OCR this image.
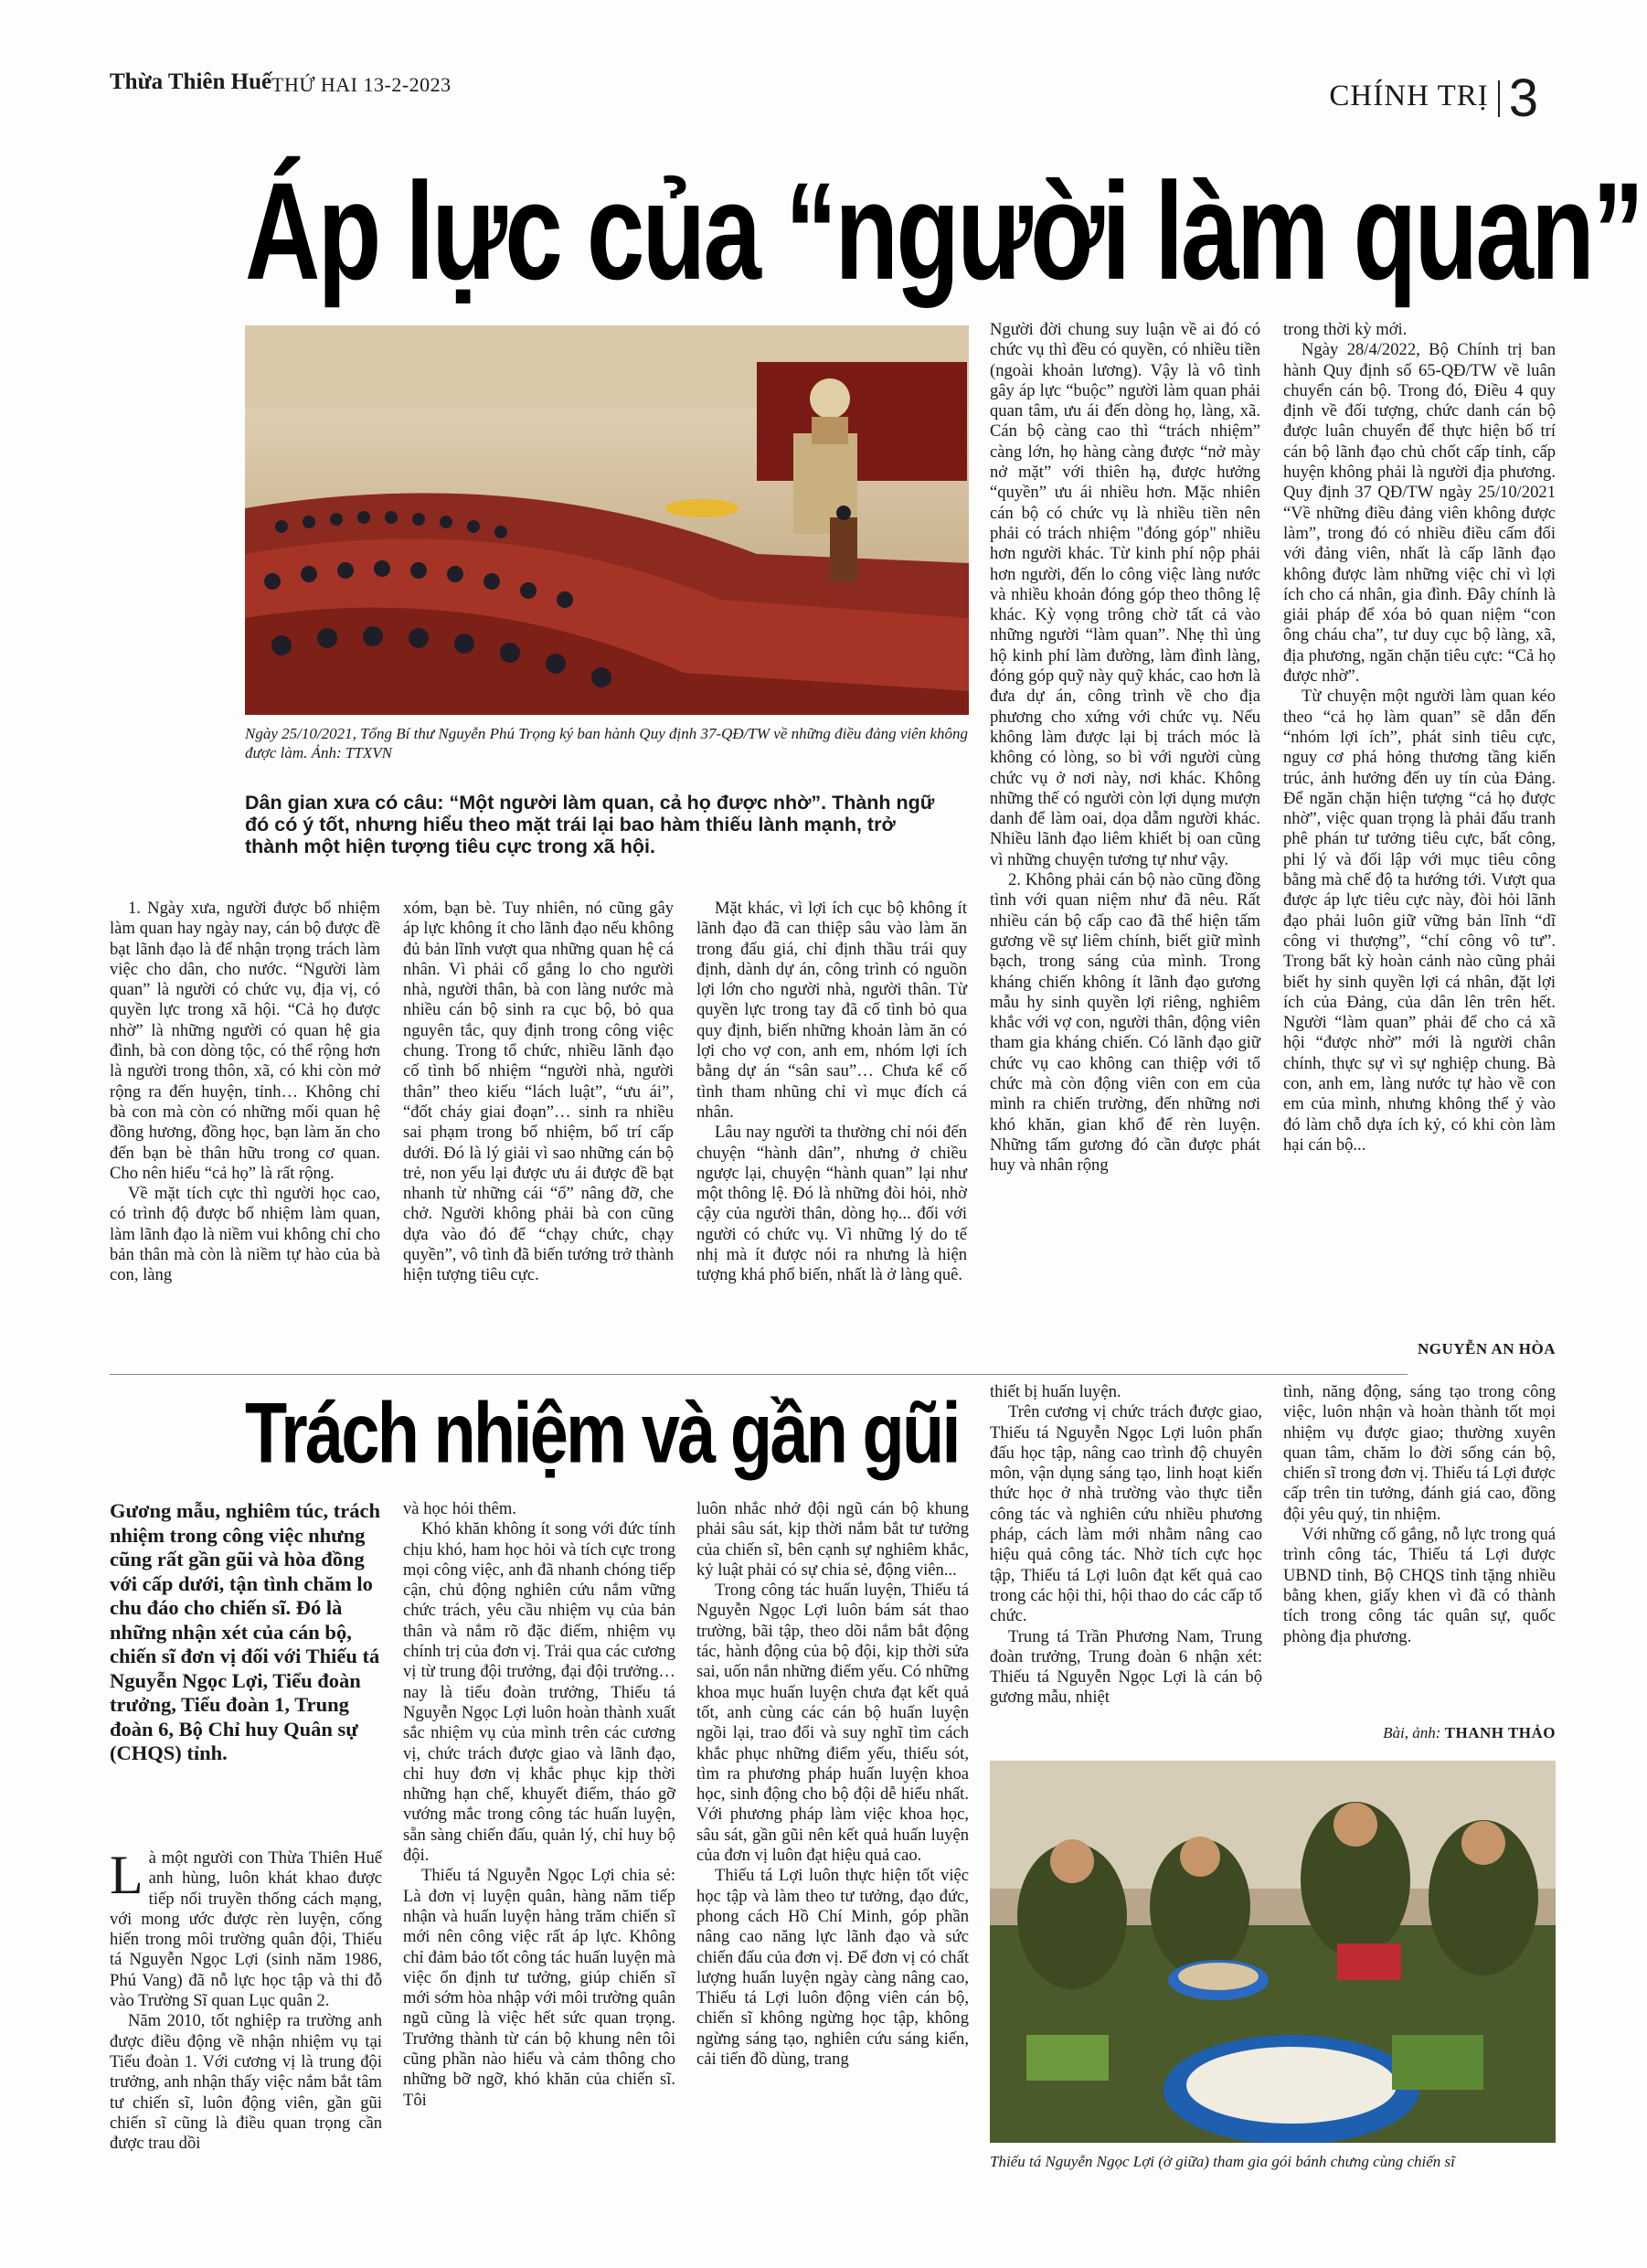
Thừa Thiên Huế THỨ HAI 13-2-2023	CHÍNH TRỊ 3
Áp lực của “người làm quan”
Ngày 25/10/2021, Tổng Bí thư Nguyễn Phú Trọng ký ban hành Quy định 37-QĐ/TW về những điều đảng viên không được làm. Ảnh: TTXVN
Dân gian xưa có câu: “Một người làm quan, cả họ được nhờ”. Thành ngữ đó có ý tốt, nhưng hiểu theo mặt trái lại bao hàm thiếu lành mạnh, trở thành một hiện tượng tiêu cực trong xã hội.

1. Ngày xưa, người được bổ nhiệm làm quan hay ngày nay, cán bộ được đề bạt lãnh đạo là để nhận trọng trách làm việc cho dân, cho nước. “Người làm quan” là người có chức vụ, địa vị, có quyền lực trong xã hội. “Cả họ được nhờ” là những người có quan hệ gia đình, bà con dòng tộc, có thể rộng hơn là người trong thôn, xã, có khi còn mở rộng ra đến huyện, tỉnh… Không chỉ bà con mà còn có những mối quan hệ đồng hương, đồng học, bạn làm ăn cho đến bạn bè thân hữu trong cơ quan. Cho nên hiểu “cả họ” là rất rộng.

Về mặt tích cực thì người học cao, có trình độ được bổ nhiệm làm quan, làm lãnh đạo là niềm vui không chỉ cho bản thân mà còn là niềm tự hào của bà con, làng

xóm, bạn bè. Tuy nhiên, nó cũng gây áp lực không ít cho lãnh đạo nếu không đủ bản lĩnh vượt qua những quan hệ cá nhân. Vì phải cố gắng lo cho người nhà, người thân, bà con làng nước mà nhiều cán bộ sinh ra cục bộ, bỏ qua nguyên tắc, quy định trong công việc chung. Trong tổ chức, nhiều lãnh đạo cố tình bố nhiệm “người nhà, người thân” theo kiểu “lách luật”, “ưu ái”, “đốt cháy giai đoạn”… sinh ra nhiều sai phạm trong bổ nhiệm, bổ trí cấp dưới. Đó là lý giải vì sao những cán bộ trẻ, non yếu lại được ưu ái được đề bạt nhanh từ những cái “ổ” nâng đỡ, che chở. Người không phải bà con cũng dựa vào đó để “chạy chức, chạy quyền”, vô tình đã biến tướng trở thành hiện tượng tiêu cực.

Mặt khác, vì lợi ích cục bộ không ít lãnh đạo đã can thiệp sâu vào làm ăn trong đấu giá, chỉ định thầu trái quy định, dành dự án, công trình có nguồn lợi lớn cho người nhà, người thân. Từ quyền lực trong tay đã cố tình bỏ qua quy định, biến những khoản làm ăn có lợi cho vợ con, anh em, nhóm lợi ích bằng dự án “sân sau”… Chưa kể cố tình tham nhũng chỉ vì mục đích cá nhân.

Lâu nay người ta thường chỉ nói đến chuyện “hành dân”, nhưng ở chiều ngược lại, chuyện “hành quan” lại như một thông lệ. Đó là những đòi hỏi, nhờ cậy của người thân, dòng họ... đối với người có chức vụ. Vì những lý do tế nhị mà ít được nói ra nhưng là hiện tượng khá phổ biến, nhất là ở làng quê.

Người đời chung suy luận về ai đó có chức vụ thì đều có quyền, có nhiều tiền (ngoài khoản lương). Vậy là vô tình gây áp lực “buộc” người làm quan phải quan tâm, ưu ái đến dòng họ, làng, xã. Cán bộ càng cao thì “trách nhiệm” càng lớn, họ hàng càng được “nở mày nở mặt” với thiên hạ, được hưởng “quyền” ưu ái nhiều hơn. Mặc nhiên cán bộ có chức vụ là nhiều tiền nên phải có trách nhiệm "đóng góp" nhiều hơn người khác. Từ kinh phí nộp phải hơn người, đến lo công việc làng nước và nhiều khoản đóng góp theo thông lệ khác. Kỳ vọng trông chờ tất cả vào những người “làm quan”. Nhẹ thì ủng hộ kinh phí làm đường, làm đình làng, đóng góp quỹ này quỹ khác, cao hơn là đưa dự án, công trình về cho địa phương cho xứng với chức vụ. Nếu không làm được lại bị trách móc là không có lòng, so bì với người cùng chức vụ ở nơi này, nơi khác. Không những thế có người còn lợi dụng mượn danh để làm oai, dọa dẫm người khác. Nhiều lãnh đạo liêm khiết bị oan cũng vì những chuyện tương tự như vậy.

2. Không phải cán bộ nào cũng đồng tình với quan niệm như đã nêu. Rất nhiều cán bộ cấp cao đã thể hiện tấm gương về sự liêm chính, biết giữ mình bạch, trong sáng của mình. Trong kháng chiến không ít lãnh đạo gương mẫu hy sinh quyền lợi riêng, nghiêm khắc với vợ con, người thân, động viên tham gia kháng chiến. Có lãnh đạo giữ chức vụ cao không can thiệp với tổ chức mà còn động viên con em của mình ra chiến trường, đến những nơi khó khăn, gian khổ để rèn luyện. Những tấm gương đó cần được phát huy và nhân rộng

trong thời kỳ mới.

Ngày 28/4/2022, Bộ Chính trị ban hành Quy định số 65-QĐ/TW về luân chuyển cán bộ. Trong đó, Điều 4 quy định về đối tượng, chức danh cán bộ được luân chuyển để thực hiện bố trí cán bộ lãnh đạo chủ chốt cấp tỉnh, cấp huyện không phải là người địa phương. Quy định 37 QĐ/TW ngày 25/10/2021 “Về những điều đảng viên không được làm”, trong đó có nhiều điều cấm đối với đảng viên, nhất là cấp lãnh đạo không được làm những việc chỉ vì lợi ích cho cá nhân, gia đình. Đây chính là giải pháp để xóa bỏ quan niệm “con ông cháu cha”, tư duy cục bộ làng, xã, địa phương, ngăn chặn tiêu cực: “Cả họ được nhờ”.

Từ chuyện một người làm quan kéo theo “cả họ làm quan” sẽ dẫn đến “nhóm lợi ích”, phát sinh tiêu cực, nguy cơ phá hỏng thương tầng kiến trúc, ảnh hưởng đến uy tín của Đảng. Để ngăn chặn hiện tượng “cả họ được nhờ”, việc quan trọng là phải đấu tranh phê phán tư tưởng tiêu cực, bất công, phi lý và đối lập với mục tiêu công bằng mà chế độ ta hướng tới. Vượt qua được áp lực tiêu cực này, đòi hỏi lãnh đạo phải luôn giữ vững bản lĩnh “dĩ công vi thượng”, “chí công vô tư”. Trong bất kỳ hoàn cảnh nào cũng phải biết hy sinh quyền lợi cá nhân, đặt lợi ích của Đảng, của dân lên trên hết. Người “làm quan” phải để cho cả xã hội “được nhờ” mới là người chân chính, thực sự vì sự nghiệp chung. Bà con, anh em, làng nước tự hào về con em của mình, nhưng không thể ỷ vào đó làm chỗ dựa ích kỷ, có khi còn làm hại cán bộ...

NGUYỄN AN HÒA
Trách nhiệm và gần gũi
Gương mẫu, nghiêm túc, trách nhiệm trong công việc nhưng cũng rất gần gũi và hòa đồng với cấp dưới, tận tình chăm lo chu đáo cho chiến sĩ. Đó là những nhận xét của cán bộ, chiến sĩ đơn vị đối với Thiếu tá Nguyễn Ngọc Lợi, Tiểu đoàn trưởng, Tiểu đoàn 1, Trung đoàn 6, Bộ Chỉ huy Quân sự (CHQS) tỉnh.

Là một người con Thừa Thiên Huế anh hùng, luôn khát khao được tiếp nối truyền thống cách mạng, với mong ước được rèn luyện, cống hiến trong môi trường quân đội, Thiếu tá Nguyễn Ngọc Lợi (sinh năm 1986, Phú Vang) đã nỗ lực học tập và thi đỗ vào Trường Sĩ quan Lục quân 2.

Năm 2010, tốt nghiệp ra trường anh được điều động về nhận nhiệm vụ tại Tiểu đoàn 1. Với cương vị là trung đội trưởng, anh nhận thấy việc nắm bắt tâm tư chiến sĩ, luôn động viên, gần gũi chiến sĩ cũng là điều quan trọng cần được trau dồi

và học hỏi thêm.

Khó khăn không ít song với đức tính chịu khó, ham học hỏi và tích cực trong mọi công việc, anh đã nhanh chóng tiếp cận, chủ động nghiên cứu nắm vững chức trách, yêu cầu nhiệm vụ của bản thân và nắm rõ đặc điểm, nhiệm vụ chính trị của đơn vị. Trải qua các cương vị từ trung đội trưởng, đại đội trưởng… nay là tiểu đoàn trưởng, Thiếu tá Nguyễn Ngọc Lợi luôn hoàn thành xuất sắc nhiệm vụ của mình trên các cương vị, chức trách được giao và lãnh đạo, chỉ huy đơn vị khắc phục kịp thời những hạn chế, khuyết điểm, tháo gỡ vướng mắc trong công tác huấn luyện, sẵn sàng chiến đấu, quản lý, chỉ huy bộ đội.

Thiếu tá Nguyễn Ngọc Lợi chia sẻ: Là đơn vị luyện quân, hàng năm tiếp nhận và huấn luyện hàng trăm chiến sĩ mới nên công việc rất áp lực. Không chỉ đảm bảo tốt công tác huấn luyện mà việc ổn định tư tưởng, giúp chiến sĩ mới sớm hòa nhập với môi trường quân ngũ cũng là việc hết sức quan trọng. Trưởng thành từ cán bộ khung nên tôi cũng phần nào hiểu và cảm thông cho những bỡ ngỡ, khó khăn của chiến sĩ. Tôi

luôn nhắc nhở đội ngũ cán bộ khung phải sâu sát, kịp thời nắm bắt tư tưởng của chiến sĩ, bên cạnh sự nghiêm khắc, kỷ luật phải có sự chia sẻ, động viên...

Trong công tác huấn luyện, Thiếu tá Nguyễn Ngọc Lợi luôn bám sát thao trường, bãi tập, theo dõi nắm bắt động tác, hành động của bộ đội, kịp thời sửa sai, uốn nắn những điểm yếu. Có những khoa mục huấn luyện chưa đạt kết quả tốt, anh cùng các cán bộ huấn luyện ngồi lại, trao đổi và suy nghĩ tìm cách khắc phục những điểm yếu, thiếu sót, tìm ra phương pháp huấn luyện khoa học, sinh động cho bộ đội dễ hiểu nhất. Với phương pháp làm việc khoa học, sâu sát, gần gũi nên kết quả huấn luyện của đơn vị luôn đạt hiệu quả cao.

Thiếu tá Lợi luôn thực hiện tốt việc học tập và làm theo tư tưởng, đạo đức, phong cách Hồ Chí Minh, góp phần nâng cao năng lực lãnh đạo và sức chiến đấu của đơn vị. Để đơn vị có chất lượng huấn luyện ngày càng nâng cao, Thiếu tá Lợi luôn động viên cán bộ, chiến sĩ không ngừng học tập, không ngừng sáng tạo, nghiên cứu sáng kiến, cải tiến đồ dùng, trang

thiết bị huấn luyện.

Trên cương vị chức trách được giao, Thiếu tá Nguyễn Ngọc Lợi luôn phấn đấu học tập, nâng cao trình độ chuyên môn, vận dụng sáng tạo, linh hoạt kiến thức học ở nhà trường vào thực tiễn công tác và nghiên cứu nhiều phương pháp, cách làm mới nhằm nâng cao hiệu quả công tác. Nhờ tích cực học tập, Thiếu tá Lợi luôn đạt kết quả cao trong các hội thi, hội thao do các cấp tổ chức.

Trung tá Trần Phương Nam, Trung đoàn trưởng, Trung đoàn 6 nhận xét: Thiếu tá Nguyễn Ngọc Lợi là cán bộ gương mẫu, nhiệt

tình, năng động, sáng tạo trong công việc, luôn nhận và hoàn thành tốt mọi nhiệm vụ được giao; thường xuyên quan tâm, chăm lo đời sống cán bộ, chiến sĩ trong đơn vị. Thiếu tá Lợi được cấp trên tin tưởng, đánh giá cao, đồng đội yêu quý, tin nhiệm.

Với những cố gắng, nỗ lực trong quá trình công tác, Thiếu tá Lợi được UBND tỉnh, Bộ CHQS tỉnh tặng nhiều bằng khen, giấy khen vì đã có thành tích trong công tác quân sự, quốc phòng địa phương.

Bài, ảnh: THANH THẢO
Thiếu tá Nguyễn Ngọc Lợi (ở giữa) tham gia gói bánh chưng cùng chiến sĩ
